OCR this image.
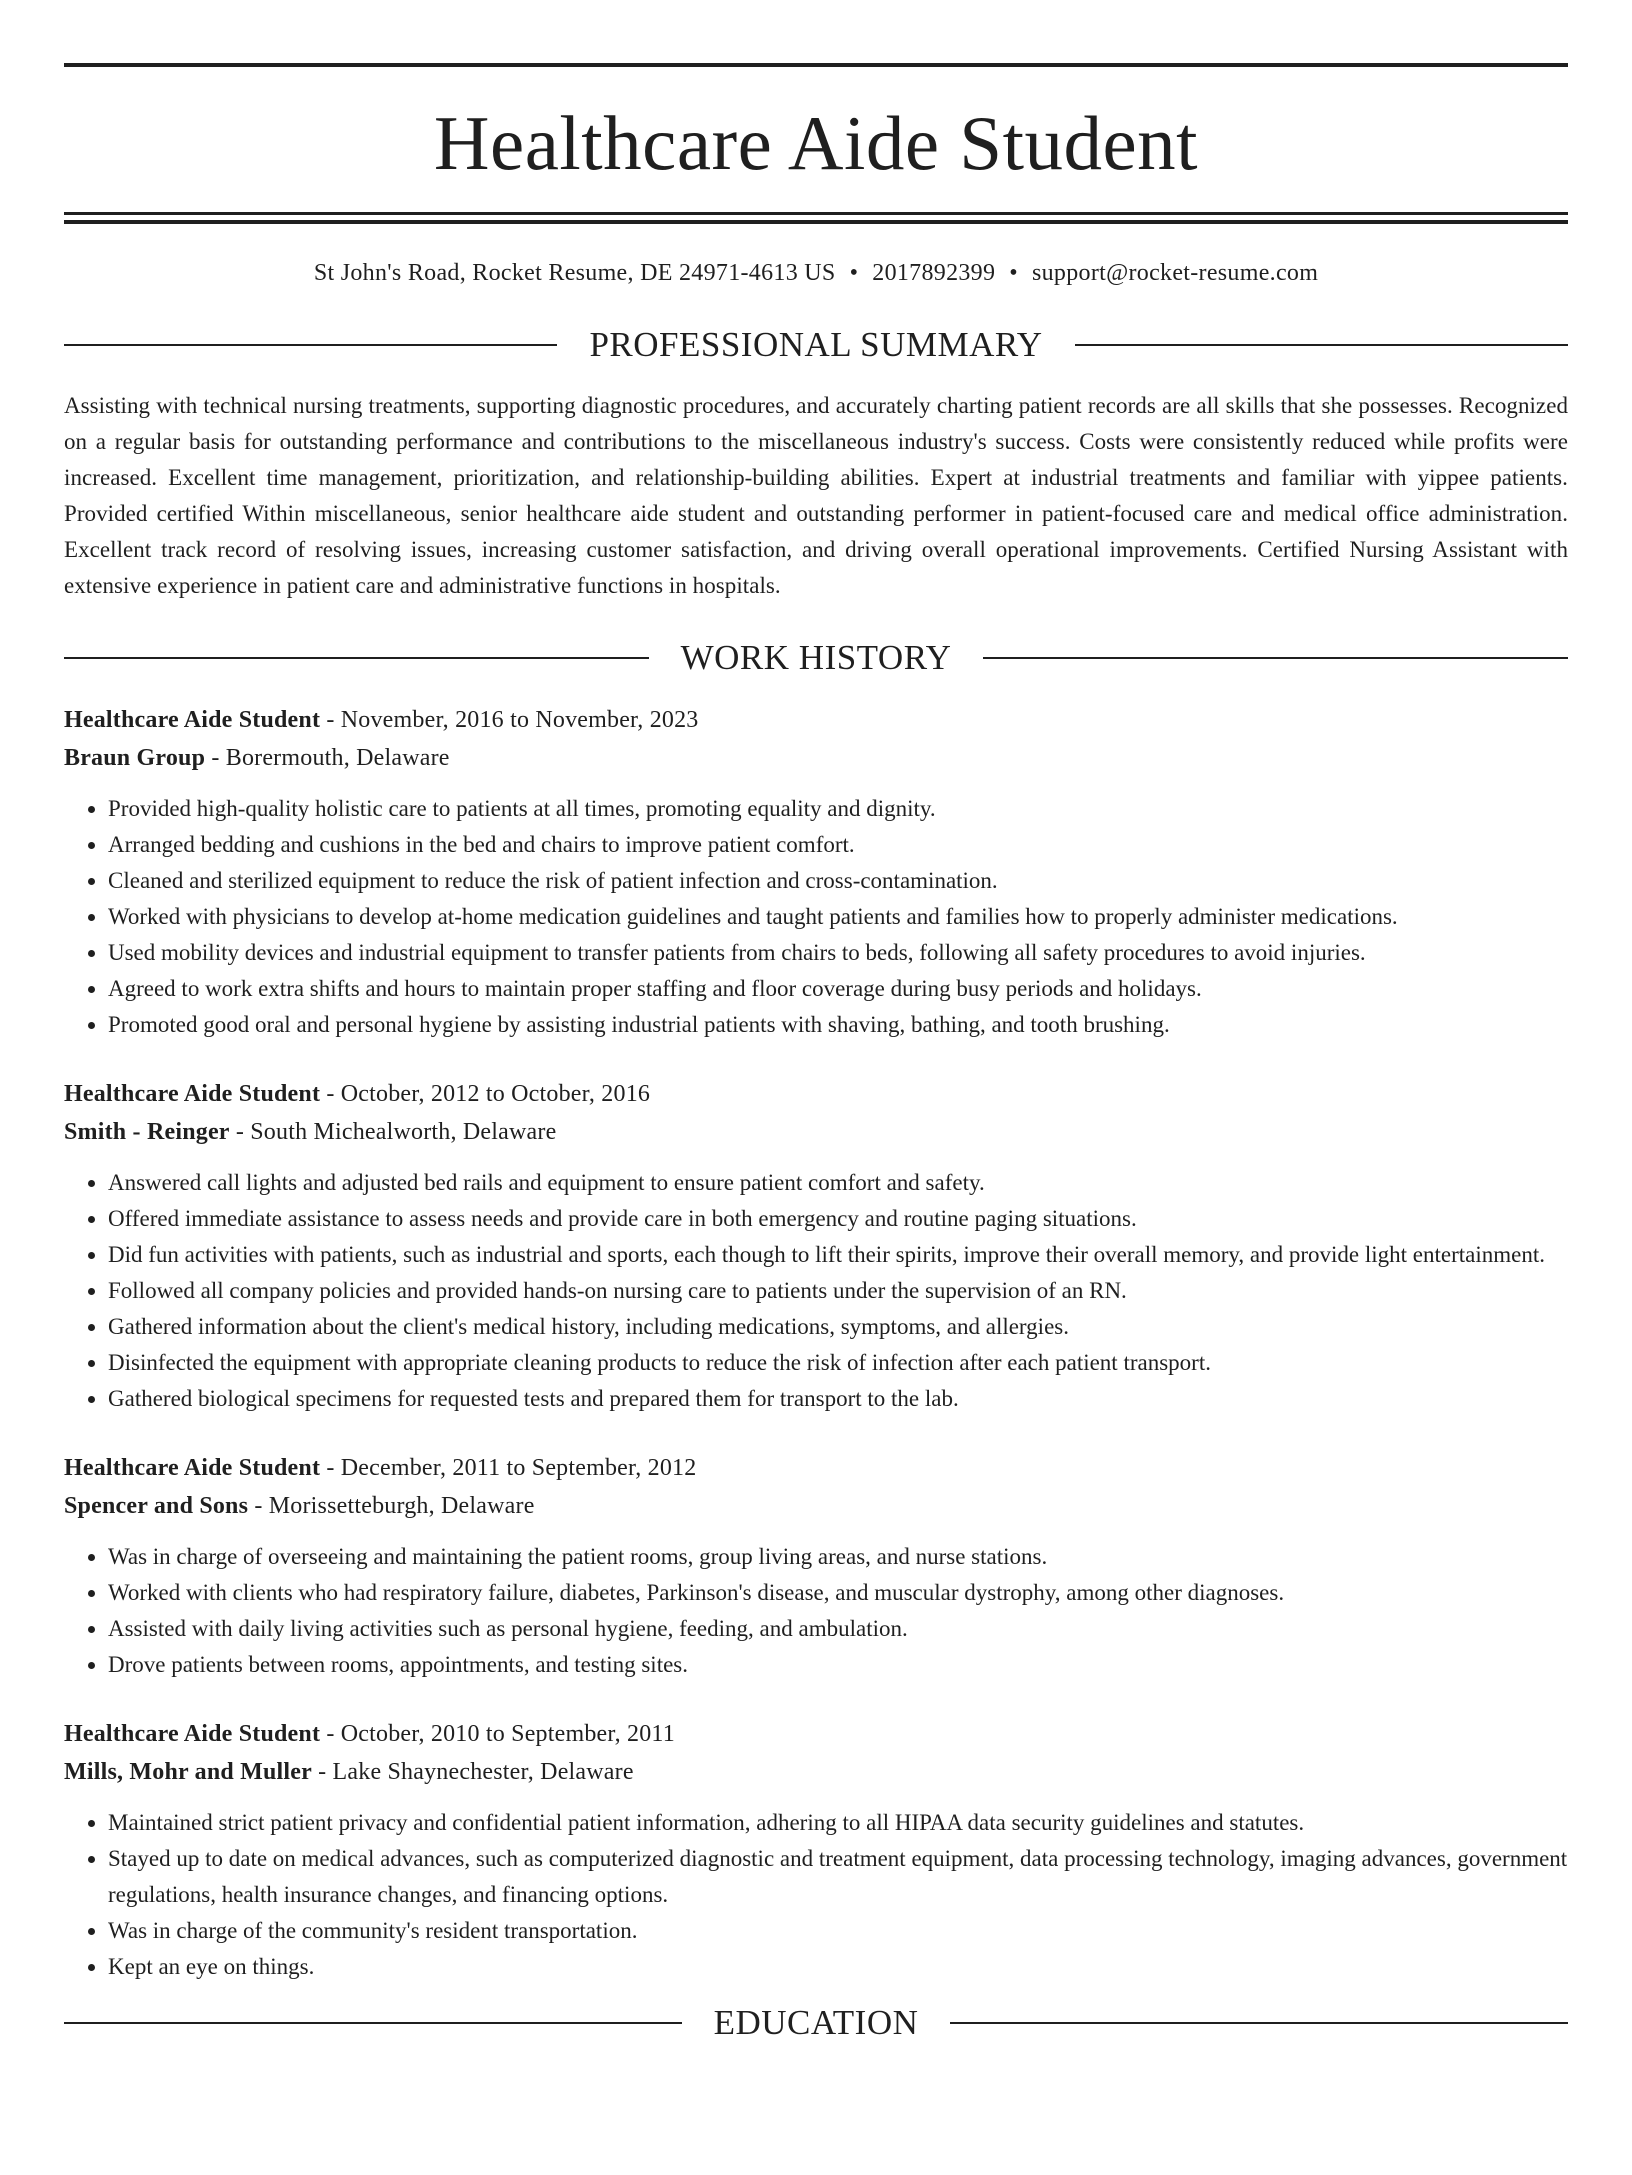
Healthcare Aide Student
St John's Road, Rocket Resume, DE 24971-4613 US • 2017892399 • support@rocket-resume.com
PROFESSIONAL SUMMARY

Assisting with technical nursing treatments, supporting diagnostic procedures, and accurately charting patient records are all skills that she possesses. Recognized on a regular basis for outstanding performance and contributions to the miscellaneous industry's success. Costs were consistently reduced while profits were increased. Excellent time management, prioritization, and relationship-building abilities. Expert at industrial treatments and familiar with yippee patients. Provided certified Within miscellaneous, senior healthcare aide student and outstanding performer in patient-focused care and medical office administration. Excellent track record of resolving issues, increasing customer satisfaction, and driving overall operational improvements. Certified Nursing Assistant with extensive experience in patient care and administrative functions in hospitals.

WORK HISTORY
Healthcare Aide Student - November, 2016 to November, 2023
Braun Group - Borermouth, Delaware
• Provided high-quality holistic care to patients at all times, promoting equality and dignity.
• Arranged bedding and cushions in the bed and chairs to improve patient comfort.
• Cleaned and sterilized equipment to reduce the risk of patient infection and cross-contamination.
• Worked with physicians to develop at-home medication guidelines and taught patients and families how to properly administer medications.
• Used mobility devices and industrial equipment to transfer patients from chairs to beds, following all safety procedures to avoid injuries.
• Agreed to work extra shifts and hours to maintain proper staffing and floor coverage during busy periods and holidays.
• Promoted good oral and personal hygiene by assisting industrial patients with shaving, bathing, and tooth brushing.
Healthcare Aide Student - October, 2012 to October, 2016
Smith - Reinger - South Michealworth, Delaware
• Answered call lights and adjusted bed rails and equipment to ensure patient comfort and safety.
• Offered immediate assistance to assess needs and provide care in both emergency and routine paging situations.
• Did fun activities with patients, such as industrial and sports, each though to lift their spirits, improve their overall memory, and provide light entertainment.
• Followed all company policies and provided hands-on nursing care to patients under the supervision of an RN.
• Gathered information about the client's medical history, including medications, symptoms, and allergies.
• Disinfected the equipment with appropriate cleaning products to reduce the risk of infection after each patient transport.
• Gathered biological specimens for requested tests and prepared them for transport to the lab.
Healthcare Aide Student - December, 2011 to September, 2012
Spencer and Sons - Morissetteburgh, Delaware
• Was in charge of overseeing and maintaining the patient rooms, group living areas, and nurse stations.
• Worked with clients who had respiratory failure, diabetes, Parkinson's disease, and muscular dystrophy, among other diagnoses.
• Assisted with daily living activities such as personal hygiene, feeding, and ambulation.
• Drove patients between rooms, appointments, and testing sites.
Healthcare Aide Student - October, 2010 to September, 2011
Mills, Mohr and Muller - Lake Shaynechester, Delaware
• Maintained strict patient privacy and confidential patient information, adhering to all HIPAA data security guidelines and statutes.
• Stayed up to date on medical advances, such as computerized diagnostic and treatment equipment, data processing technology, imaging advances, government regulations, health insurance changes, and financing options.
• Was in charge of the community's resident transportation.
• Kept an eye on things.
EDUCATION
